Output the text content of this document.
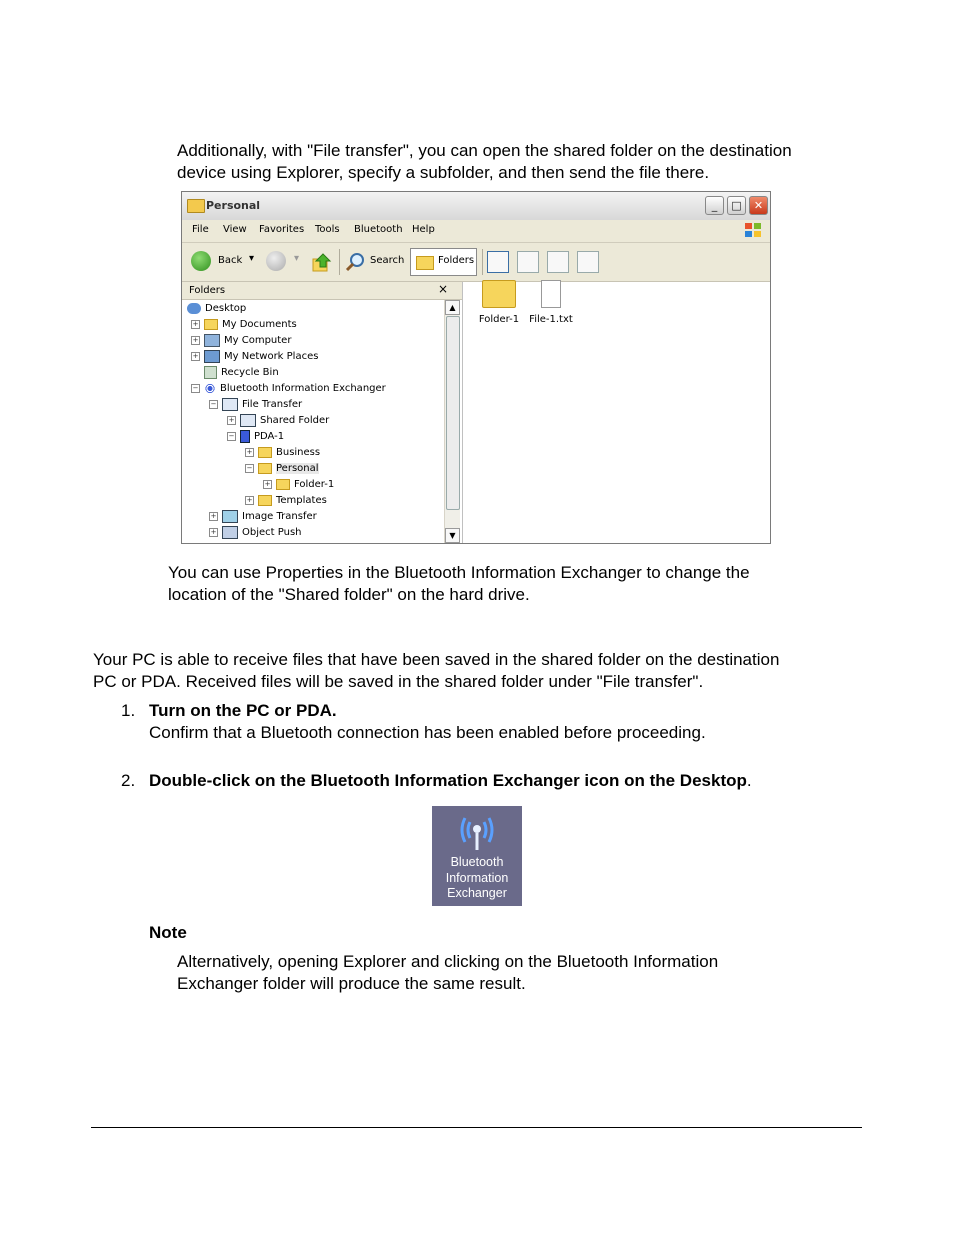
Additionally, with "File transfer", you can open the shared folder on the destination

device using Explorer, specify a subfolder, and then send the file there.

Personal	_	□	✕
File View Favorites Tools Bluetooth Help
Back ▾	▾	Search	Folders
Folders	×
Desktop
+ My Documents
+	My Computer
+	My Network Places
Recycle Bin
− Bluetooth Information Exchanger
−	File Transfer
+	Shared Folder
− PDA-1
+ Business
− Personal
+ Folder-1
+ Templates
+	Image Transfer
+	Object Push
▲
▼
Folder-1	File-1.txt

You can use Properties in the Bluetooth Information Exchanger to change the

location of the "Shared folder" on the hard drive.

Your PC is able to receive files that have been saved in the shared folder on the destination

PC or PDA. Received files will be saved in the shared folder under "File transfer".

1. Turn on the PC or PDA.

Confirm that a Bluetooth connection has been enabled before proceeding.

2. Double-click on the Bluetooth Information Exchanger icon on the Desktop.

Bluetooth
Information
Exchanger

Note

Alternatively, opening Explorer and clicking on the Bluetooth Information

Exchanger folder will produce the same result.
